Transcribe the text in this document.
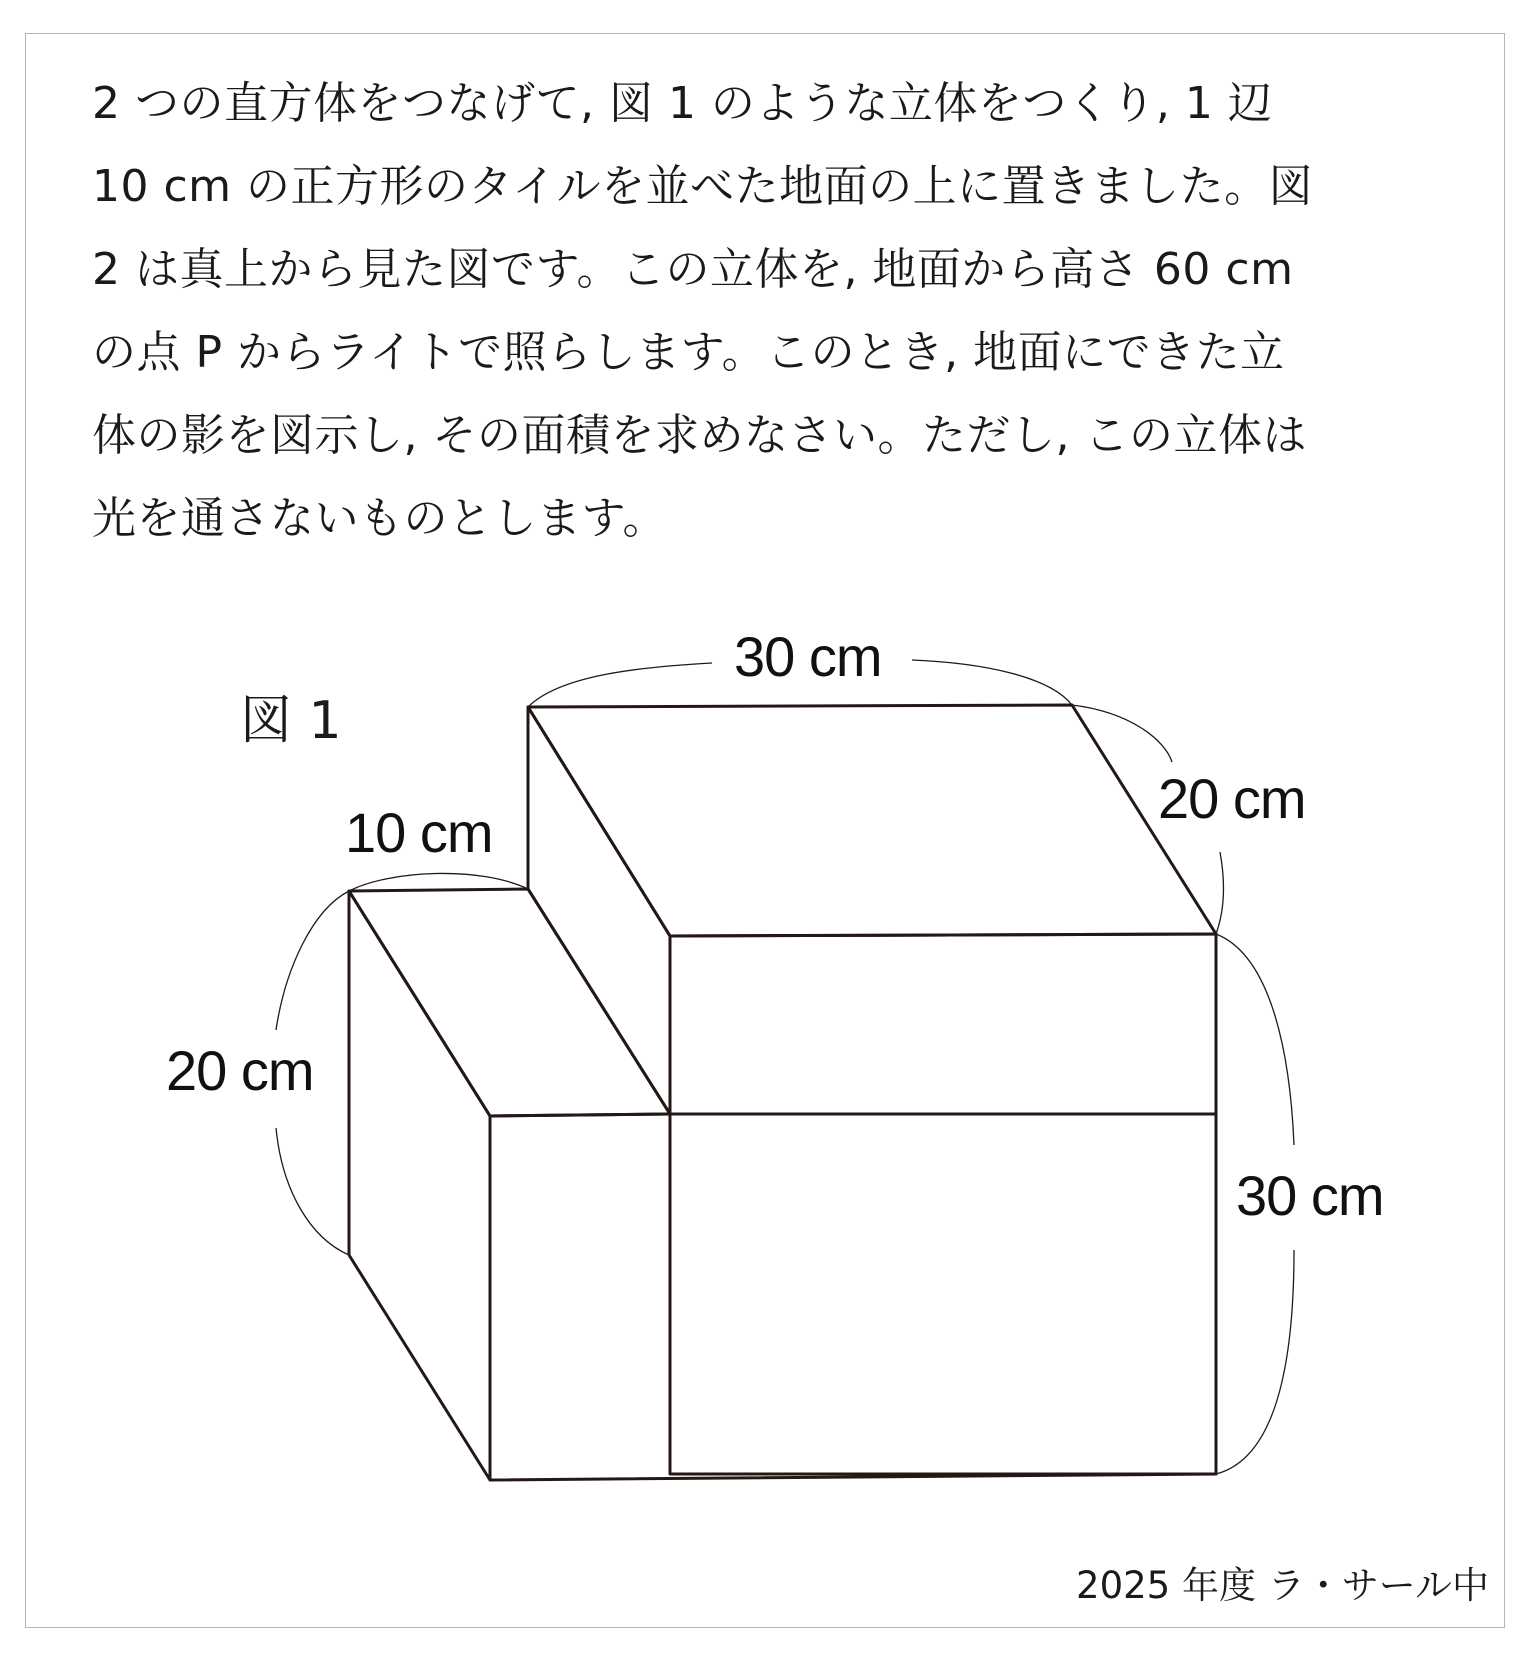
2 つの直方体をつなげて, 図 1 のような立体をつくり, 1 辺
10 cm の正方形のタイルを並べた地面の上に置きました。図
2 は真上から見た図です。この立体を, 地面から高さ 60 cm
の点 P からライトで照らします。このとき, 地面にできた立
体の影を図示し, その面積を求めなさい。ただし, この立体は
光を通さないものとします。
図 1
30 cm
20 cm
10 cm
20 cm
30 cm
2025 年度 ラ・サール中
